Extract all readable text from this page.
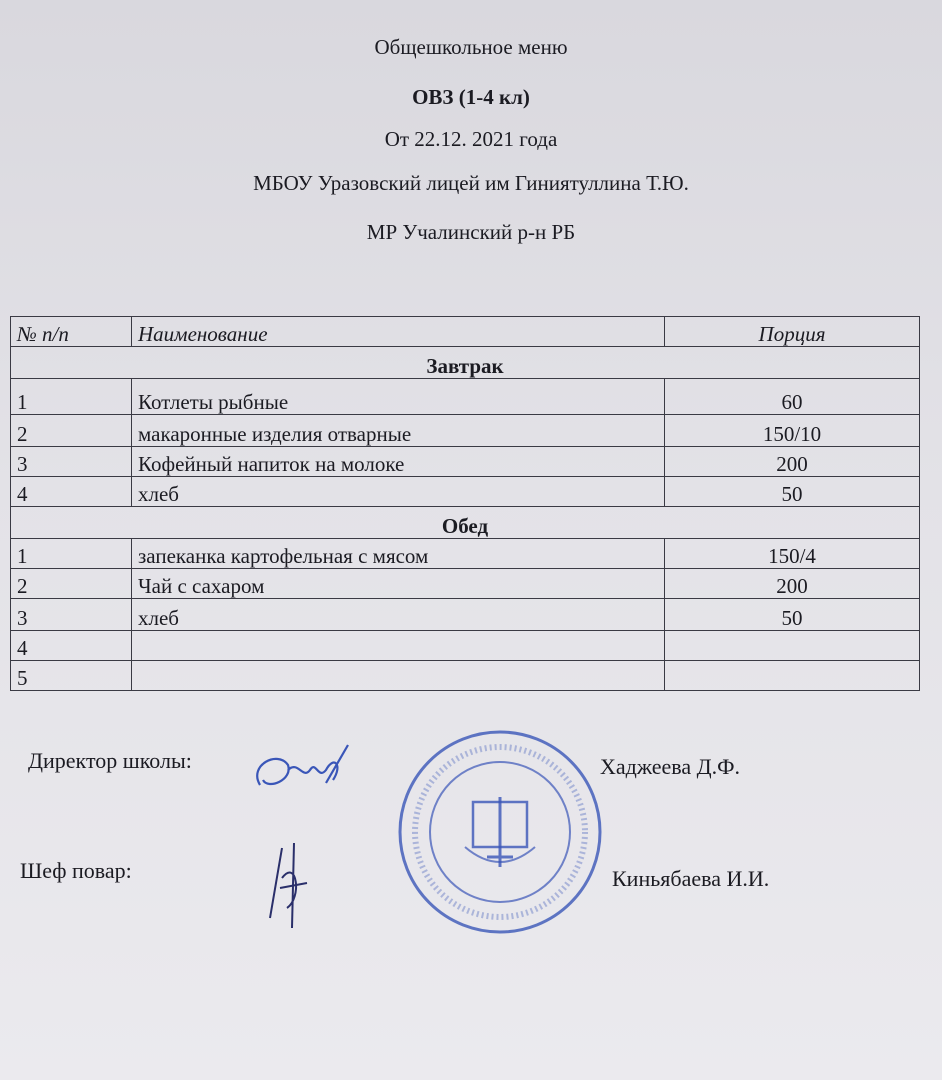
Общешкольное меню
ОВЗ (1-4 кл)
От 22.12. 2021 года
МБОУ Уразовский лицей им Гиниятуллина Т.Ю.
МР Учалинский р-н РБ
№ п/п	Наименование	Порция
Завтрак		
1	Котлеты рыбные	60
2	макаронные изделия отварные	150/10
3	Кофейный напиток на молоке	200
4	хлеб	50
Обед		
1	запеканка картофельная с мясом	150/4
2	Чай с сахаром	200
3	хлеб	50
4		
5		
Директор школы:	Хаджеева Д.Ф.
Шеф повар:	Киньябаева И.И.
